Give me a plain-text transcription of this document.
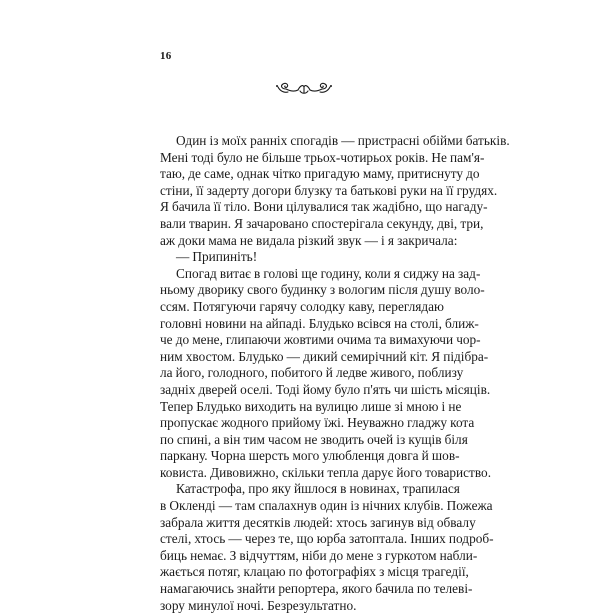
16
Один із моїх ранніх спогадів — пристрасні обійми батьків.
Мені тоді було не більше трьох-чотирьох років. Не пам'я-
таю, де саме, однак чітко пригадую маму, притиснуту до
стіни, її задерту догори блузку та батькові руки на її грудях.
Я бачила її тіло. Вони цілувалися так жадібно, що нагаду-
вали тварин. Я зачаровано спостерігала секунду, дві, три,
аж доки мама не видала різкий звук — і я закричала:
— Припиніть!
Спогад витає в голові ще годину, коли я сиджу на зад-
ньому дворику свого будинку з вологим після душу воло-
ссям. Потягуючи гарячу солодку каву, переглядаю
головні новини на айпаді. Блудько всівся на столі, ближ-
че до мене, глипаючи жовтими очима та вимахуючи чор-
ним хвостом. Блудько — дикий семирічний кіт. Я підібра-
ла його, голодного, побитого й ледве живого, поблизу
задніх дверей оселі. Тоді йому було п'ять чи шість місяців.
Тепер Блудько виходить на вулицю лише зі мною і не
пропускає жодного прийому їжі. Неуважно гладжу кота
по спині, а він тим часом не зводить очей із кущів біля
паркану. Чорна шерсть мого улюбленця довга й шов-
ковиста. Дивовижно, скільки тепла дарує його товариство.
Катастрофа, про яку йшлося в новинах, трапилася
в Окленді — там спалахнув один із нічних клубів. Пожежа
забрала життя десятків людей: хтось загинув від обвалу
стелі, хтось — через те, що юрба затоптала. Інших подроб-
биць немає. З відчуттям, ніби до мене з гуркотом набли-
жається потяг, клацаю по фотографіях з місця трагедії,
намагаючись знайти репортера, якого бачила по телеві-
зору минулої ночі. Безрезультатно.
